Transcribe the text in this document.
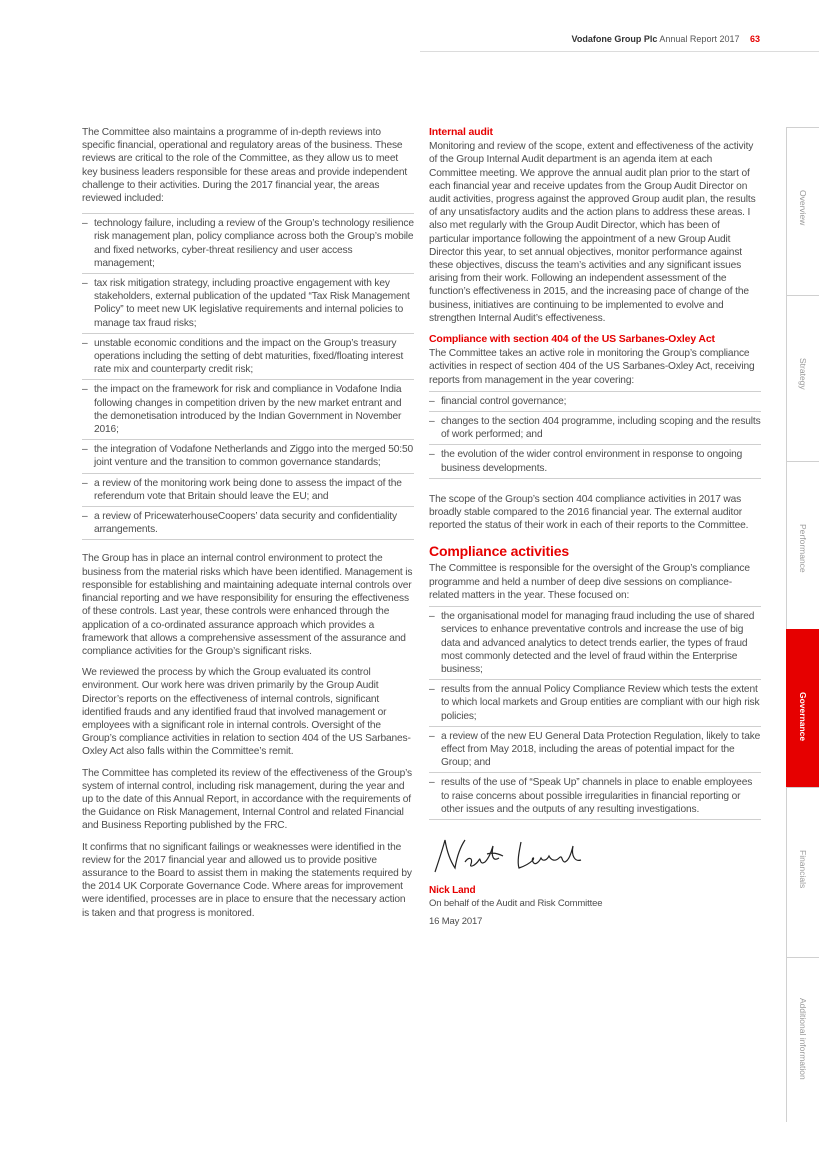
Vodafone Group Plc Annual Report 2017 63

The Committee also maintains a programme of in-depth reviews into specific financial, operational and regulatory areas of the business. These reviews are critical to the role of the Committee, as they allow us to meet key business leaders responsible for these areas and provide independent challenge to their activities. During the 2017 financial year, the areas reviewed included:

– technology failure, including a review of the Group’s technology resilience risk management plan, policy compliance across both the Group’s mobile and fixed networks, cyber-threat resiliency and user access management;
– tax risk mitigation strategy, including proactive engagement with key stakeholders, external publication of the updated “Tax Risk Management Policy” to meet new UK legislative requirements and internal policies to manage tax fraud risks;
– unstable economic conditions and the impact on the Group’s treasury operations including the setting of debt maturities, fixed/floating interest rate mix and counterparty credit risk;
– the impact on the framework for risk and compliance in Vodafone India following changes in competition driven by the new market entrant and the demonetisation introduced by the Indian Government in November 2016;
– the integration of Vodafone Netherlands and Ziggo into the merged 50:50 joint venture and the transition to common governance standards;
– a review of the monitoring work being done to assess the impact of the referendum vote that Britain should leave the EU; and
– a review of PricewaterhouseCoopers’ data security and confidentiality arrangements.

The Group has in place an internal control environment to protect the business from the material risks which have been identified. Management is responsible for establishing and maintaining adequate internal controls over financial reporting and we have responsibility for ensuring the effectiveness of these controls. Last year, these controls were enhanced through the application of a co-ordinated assurance approach which provides a framework that allows a comprehensive assessment of the assurance and compliance activities for the Group’s significant risks.

We reviewed the process by which the Group evaluated its control environment. Our work here was driven primarily by the Group Audit Director’s reports on the effectiveness of internal controls, significant identified frauds and any identified fraud that involved management or employees with a significant role in internal controls. Oversight of the Group’s compliance activities in relation to section 404 of the US Sarbanes-Oxley Act also falls within the Committee’s remit.

The Committee has completed its review of the effectiveness of the Group’s system of internal control, including risk management, during the year and up to the date of this Annual Report, in accordance with the requirements of the Guidance on Risk Management, Internal Control and related Financial and Business Reporting published by the FRC.

It confirms that no significant failings or weaknesses were identified in the review for the 2017 financial year and allowed us to provide positive assurance to the Board to assist them in making the statements required by the 2014 UK Corporate Governance Code. Where areas for improvement were identified, processes are in place to ensure that the necessary action is taken and that progress is monitored.

Internal audit

Monitoring and review of the scope, extent and effectiveness of the activity of the Group Internal Audit department is an agenda item at each Committee meeting. We approve the annual audit plan prior to the start of each financial year and receive updates from the Group Audit Director on audit activities, progress against the approved Group audit plan, the results of any unsatisfactory audits and the action plans to address these areas. I also met regularly with the Group Audit Director, which has been of particular importance following the appointment of a new Group Audit Director this year, to set annual objectives, monitor performance against these objectives, discuss the team’s activities and any significant issues arising from their work. Following an independent assessment of the function’s effectiveness in 2015, and the increasing pace of change of the business, initiatives are continuing to be implemented to evolve and strengthen Internal Audit’s effectiveness.

Compliance with section 404 of the US Sarbanes-Oxley Act

The Committee takes an active role in monitoring the Group’s compliance activities in respect of section 404 of the US Sarbanes-Oxley Act, receiving reports from management in the year covering:

– financial control governance;
– changes to the section 404 programme, including scoping and the results of work performed; and
– the evolution of the wider control environment in response to ongoing business developments.

The scope of the Group’s section 404 compliance activities in 2017 was broadly stable compared to the 2016 financial year. The external auditor reported the status of their work in each of their reports to the Committee.

Compliance activities

The Committee is responsible for the oversight of the Group’s compliance programme and held a number of deep dive sessions on compliance-related matters in the year. These focused on:

– the organisational model for managing fraud including the use of shared services to enhance preventative controls and increase the use of big data and advanced analytics to detect trends earlier, the types of fraud most commonly detected and the level of fraud within the Enterprise business;
– results from the annual Policy Compliance Review which tests the extent to which local markets and Group entities are compliant with our high risk policies;
– a review of the new EU General Data Protection Regulation, likely to take effect from May 2018, including the areas of potential impact for the Group; and
– results of the use of “Speak Up” channels in place to enable employees to raise concerns about possible irregularities in financial reporting or other issues and the outputs of any resulting investigations.
Nick Land
On behalf of the Audit and Risk Committee
16 May 2017
Overview
Strategy
Performance
Governance
Financials
Additional information
